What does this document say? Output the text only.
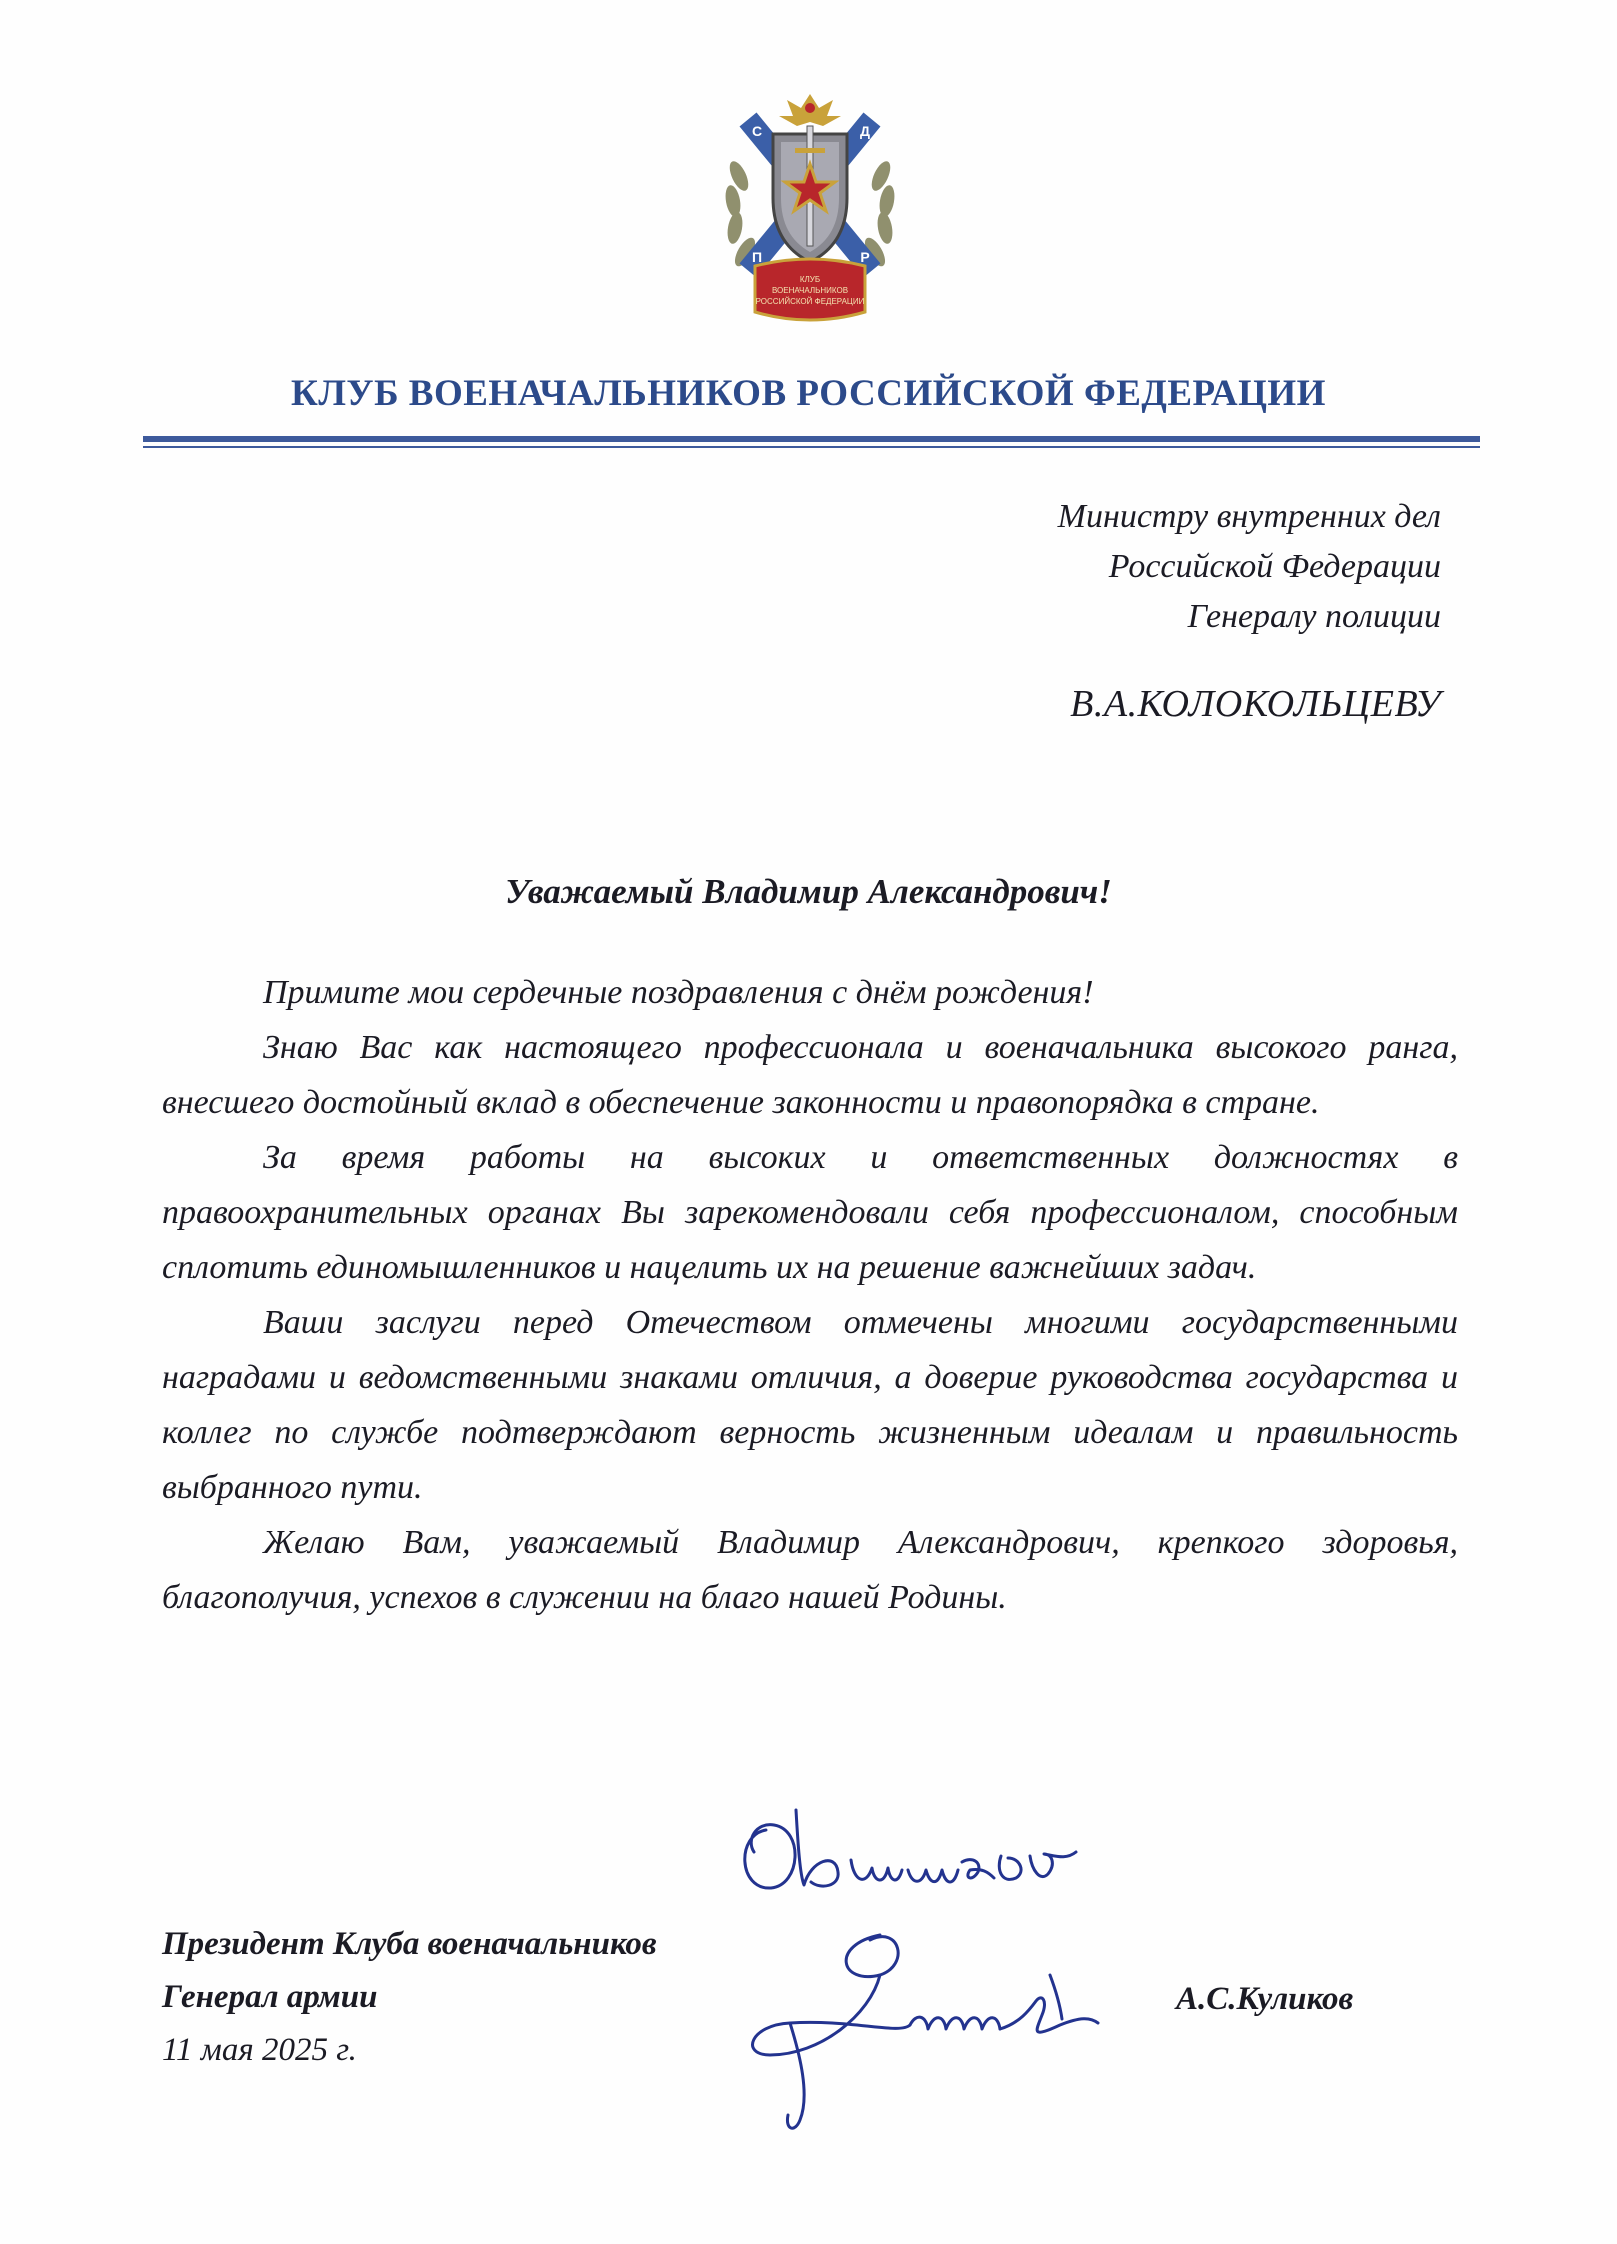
С	Д
П	Р
КЛУБ
ВОЕНАЧАЛЬНИКОВ
РОССИЙСКОЙ ФЕДЕРАЦИИ
КЛУБ ВОЕНАЧАЛЬНИКОВ РОССИЙСКОЙ ФЕДЕРАЦИИ
Министру внутренних дел
Российской Федерации
Генералу полиции
В.А.КОЛОКОЛЬЦЕВУ
Уважаемый Владимир Александрович!

Примите мои сердечные поздравления с днём рождения!

Знаю Вас как настоящего профессионала и военачальника высокого ранга, внесшего достойный вклад в обеспечение законности и правопорядка в стране.

За время работы на высоких и ответственных должностях в правоохранительных органах Вы зарекомендовали себя профессионалом, способным сплотить единомышленников и нацелить их на решение важнейших задач.

Ваши заслуги перед Отечеством отмечены многими государственными наградами и ведомственными знаками отличия, а доверие руководства государства и коллег по службе подтверждают верность жизненным идеалам и правильность выбранного пути.

Желаю Вам, уважаемый Владимир Александрович, крепкого здоровья, благополучия, успехов в служении на благо нашей Родины.

Президент Клуба военачальников
Генерал армии
11 мая 2025 г.
А.С.Куликов
